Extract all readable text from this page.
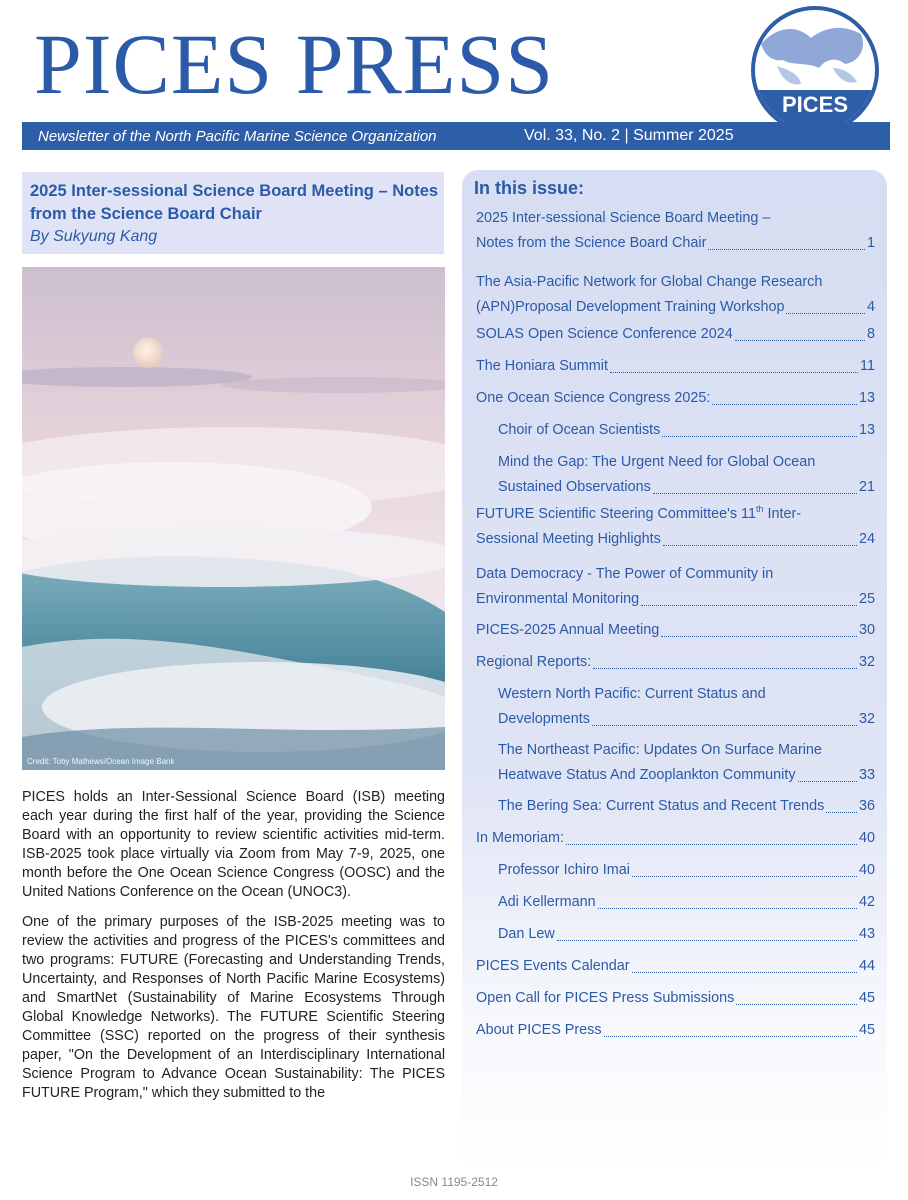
PICES PRESS	PICES
Newsletter of the North Pacific Marine Science Organization	Vol. 33, No. 2 | Summer 2025
2025 Inter-sessional Science Board Meeting – Notes from the Science Board Chair
By Sukyung Kang
Credit: Toby Mathews/Ocean Image Bank

PICES holds an Inter-Sessional Science Board (ISB) meeting each year during the first half of the year, providing the Science Board with an opportunity to review scientific activities mid-term. ISB-2025 took place virtually via Zoom from May 7-9, 2025, one month before the One Ocean Science Congress (OOSC) and the United Nations Conference on the Ocean (UNOC3).

One of the primary purposes of the ISB-2025 meeting was to review the activities and progress of the PICES's committees and two programs: FUTURE (Forecasting and Understanding Trends, Uncertainty, and Responses of North Pacific Marine Ecosystems) and SmartNet (Sustainability of Marine Ecosystems Through Global Knowledge Networks). The FUTURE Scientific Steering Committee (SSC) reported on the progress of their synthesis paper, "On the Development of an Interdisciplinary International Science Program to Advance Ocean Sustainability: The PICES FUTURE Program," which they submitted to the

In this issue:
2025 Inter-sessional Science Board Meeting –
Notes from the Science Board Chair	1
The Asia-Pacific Network for Global Change Research
(APN)Proposal Development Training Workshop	4
SOLAS Open Science Conference 2024	8
The Honiara Summit	11
One Ocean Science Congress 2025:	13
Choir of Ocean Scientists	13
Mind the Gap: The Urgent Need for Global Ocean
Sustained Observations	21
FUTURE Scientific Steering Committee's 11th Inter-
Sessional Meeting Highlights	24
Data Democracy - The Power of Community in
Environmental Monitoring	25
PICES-2025 Annual Meeting	30
Regional Reports:	32
Western North Pacific: Current Status and
Developments	32
The Northeast Pacific: Updates On Surface Marine
Heatwave Status And Zooplankton Community	33
The Bering Sea: Current Status and Recent Trends 36
In Memoriam:	40
Professor Ichiro Imai	40
Adi Kellermann	42
Dan Lew	43
PICES Events Calendar	44
Open Call for PICES Press Submissions	45
About PICES Press	45
ISSN 1195-2512
